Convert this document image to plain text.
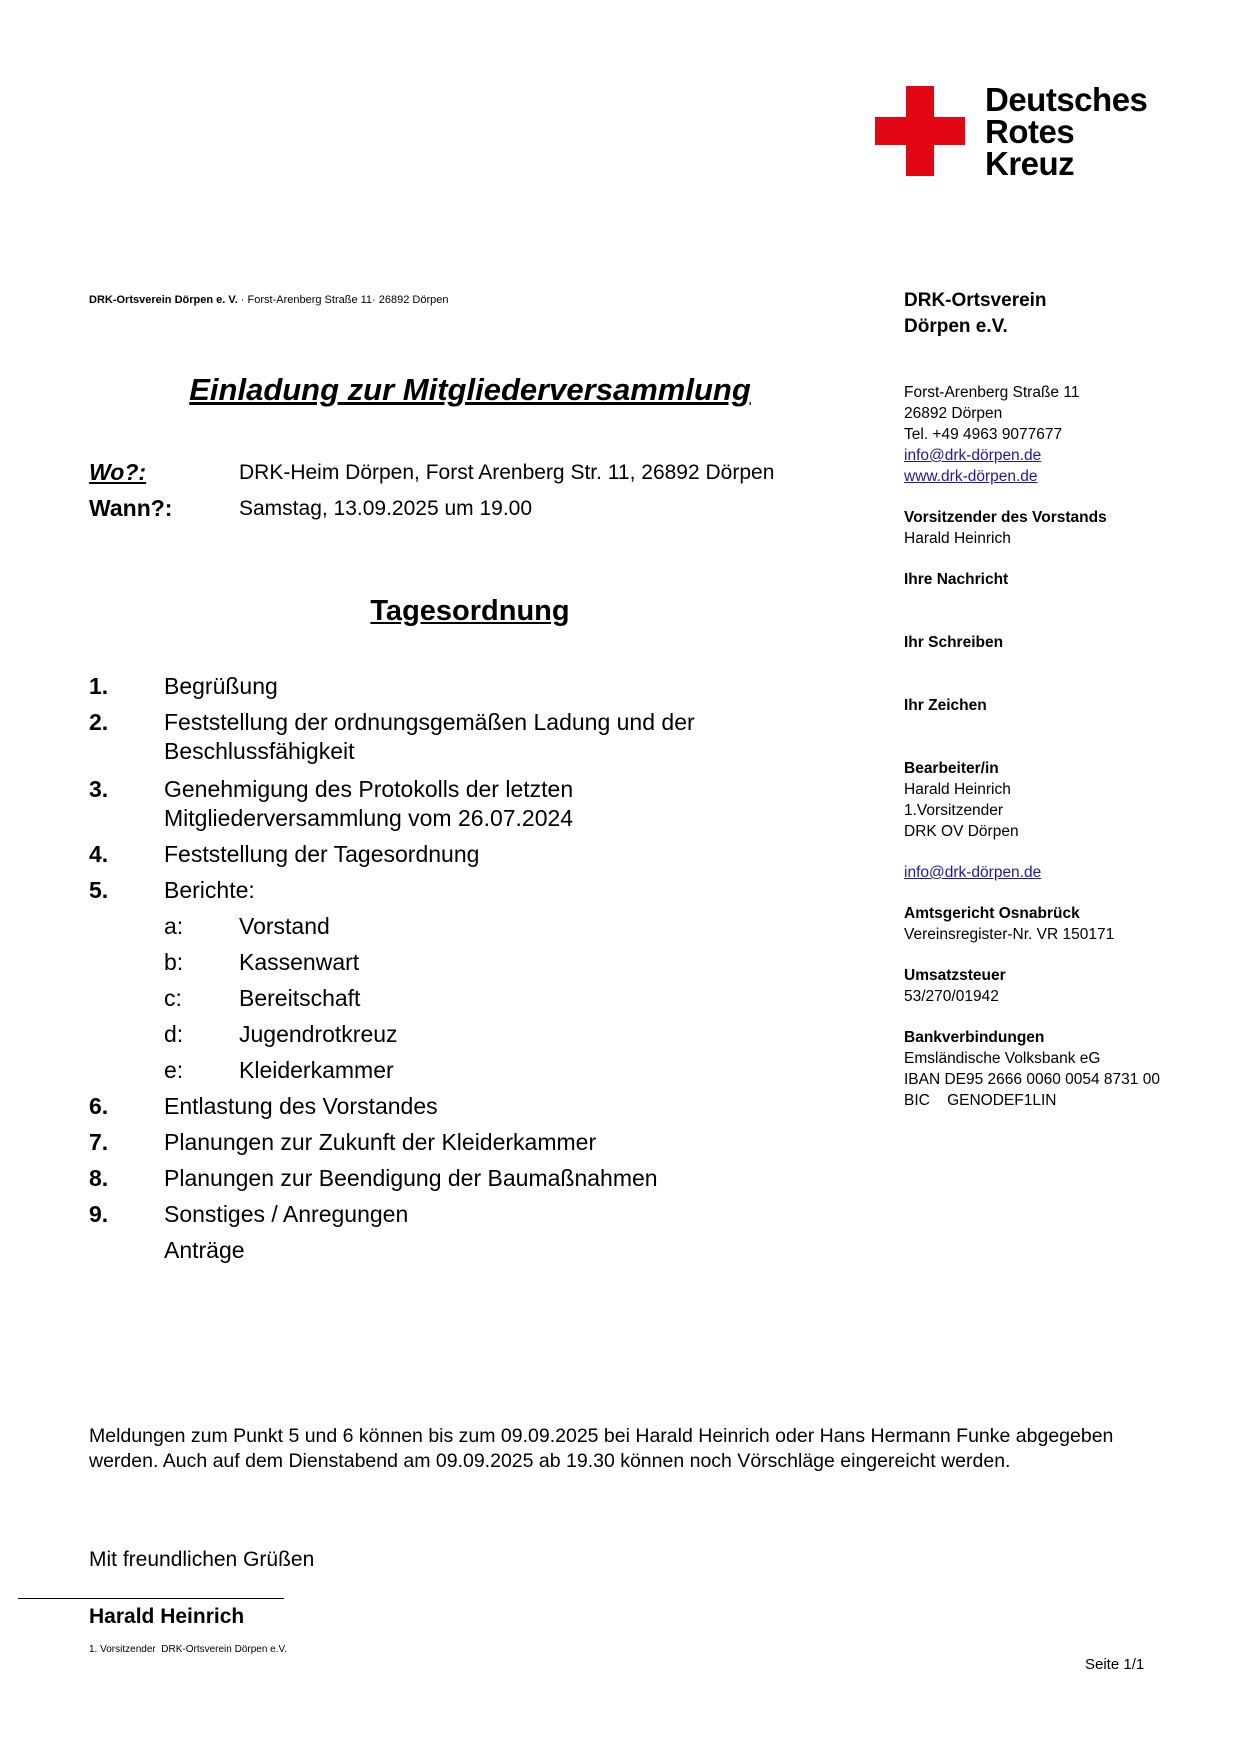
Deutsches
Rotes
Kreuz
DRK-Ortsverein Dörpen e. V. · Forst-Arenberg Straße 11· 26892 Dörpen	DRK-Ortsverein
Dörpen e.V.
Forst-Arenberg Straße 11
26892 Dörpen
Tel. +49 4963 9077677
info@drk-dörpen.de
www.drk-dörpen.de
Vorsitzender des Vorstands
Harald Heinrich
Ihre Nachricht
Ihr Schreiben
Ihr Zeichen
Bearbeiter/in
Harald Heinrich
1.Vorsitzender
DRK OV Dörpen
info@drk-dörpen.de
Amtsgericht Osnabrück
Vereinsregister-Nr. VR 150171
Umsatzsteuer
53/270/01942
Bankverbindungen
Emsländische Volksbank eG
IBAN DE95 2666 0060 0054 8731 00
BIC    GENODEF1LIN
Einladung zur Mitgliederversammlung
Wo?:	DRK-Heim Dörpen, Forst Arenberg Str. 11, 26892 Dörpen
Wann?:	Samstag, 13.09.2025 um 19.00
Tagesordnung
1.	Begrüßung
2.	Feststellung der ordnungsgemäßen Ladung und der Beschlussfähigkeit
3.	Genehmigung des Protokolls der letzten Mitgliederversammlung vom 26.07.2024
4.	Feststellung der Tagesordnung
5.	Berichte:
a:	Vorstand
b:	Kassenwart
c:	Bereitschaft
d:	Jugendrotkreuz
e:	Kleiderkammer
6.	Entlastung des Vorstandes
7.	Planungen zur Zukunft der Kleiderkammer
8.	Planungen zur Beendigung der Baumaßnahmen
9.	Sonstiges / Anregungen
Anträge
Meldungen zum Punkt 5 und 6 können bis zum 09.09.2025 bei Harald Heinrich oder Hans Hermann Funke abgegeben werden. Auch auf dem Dienstabend am 09.09.2025 ab 19.30 können noch Vörschläge eingereicht werden.
Mit freundlichen Grüßen
Harald Heinrich
1. Vorsitzender  DRK-Ortsverein Dörpen e.V.
Seite 1/1
